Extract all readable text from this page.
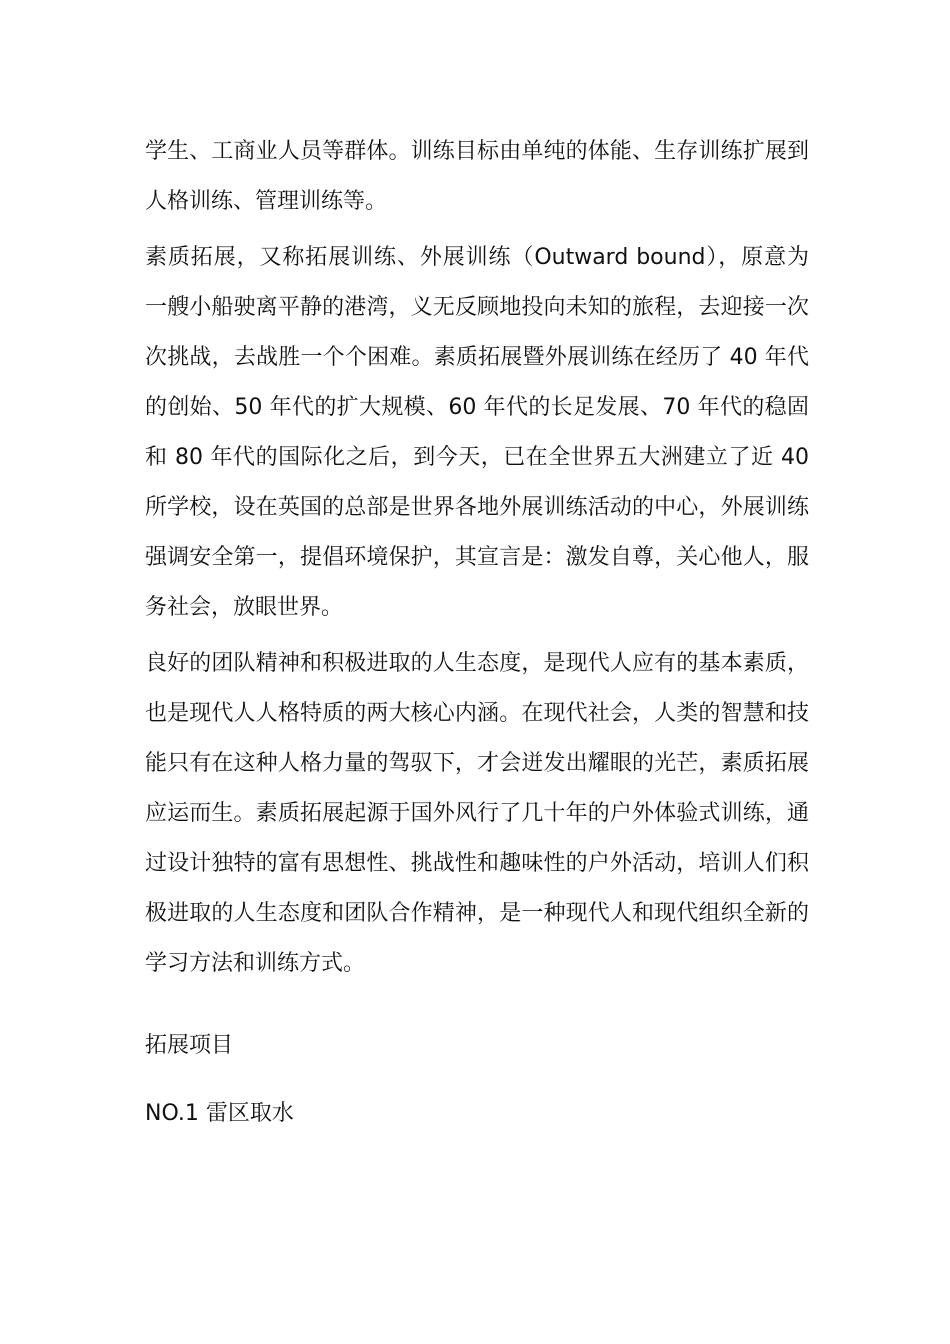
学生、工商业人员等群体。训练目标由单纯的体能、生存训练扩展到人格训练、管理训练等。

素质拓展，又称拓展训练、外展训练（Outward bound），原意为一艘小船驶离平静的港湾，义无反顾地投向未知的旅程，去迎接一次次挑战，去战胜一个个困难。素质拓展暨外展训练在经历了 40 年代的创始、50 年代的扩大规模、60 年代的长足发展、70 年代的稳固和 80 年代的国际化之后，到今天，已在全世界五大洲建立了近 40 所学校，设在英国的总部是世界各地外展训练活动的中心，外展训练强调安全第一，提倡环境保护，其宣言是：激发自尊，关心他人，服务社会，放眼世界。

良好的团队精神和积极进取的人生态度，是现代人应有的基本素质，也是现代人人格特质的两大核心内涵。在现代社会，人类的智慧和技能只有在这种人格力量的驾驭下，才会迸发出耀眼的光芒，素质拓展应运而生。素质拓展起源于国外风行了几十年的户外体验式训练，通过设计独特的富有思想性、挑战性和趣味性的户外活动，培训人们积极进取的人生态度和团队合作精神，是一种现代人和现代组织全新的学习方法和训练方式。

拓展项目

NO.1 雷区取水
